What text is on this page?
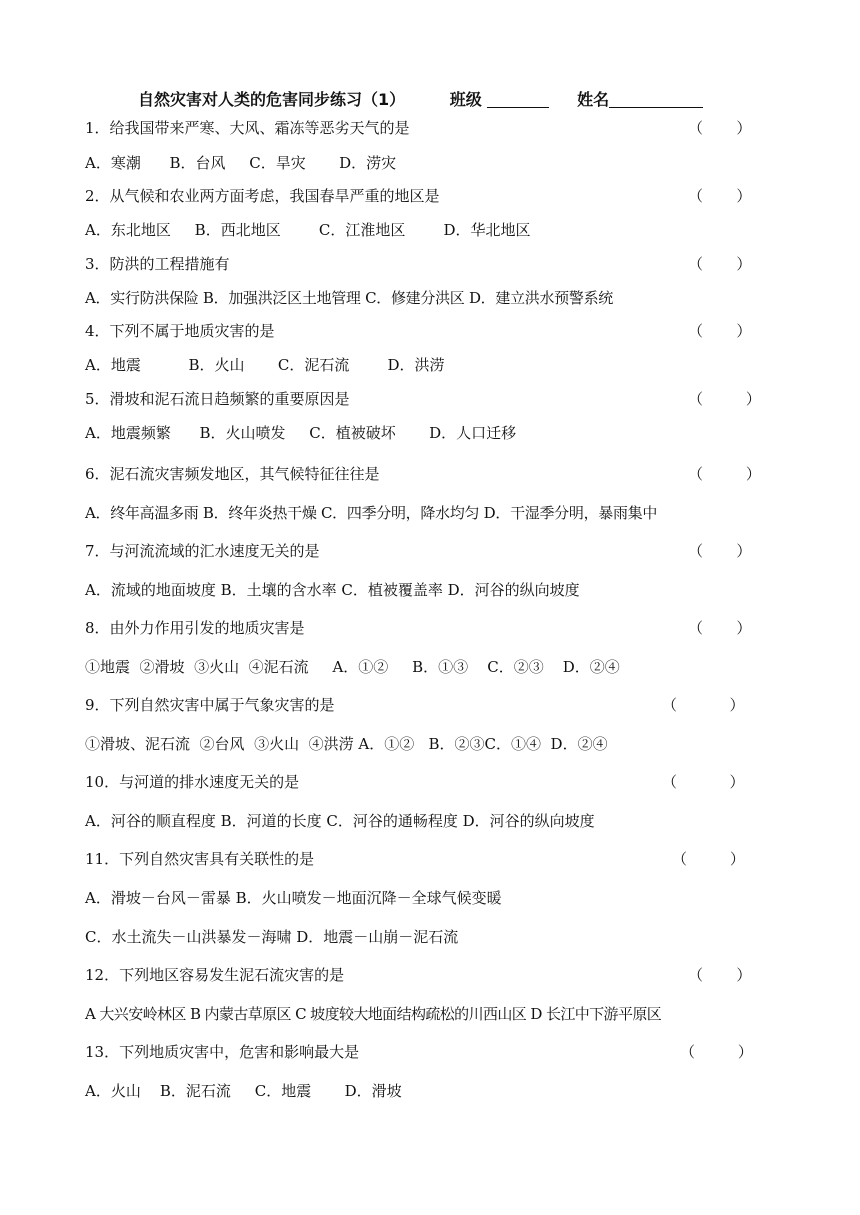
自然灾害对人类的危害同步练习（1）	班级	姓名
1．给我国带来严寒、大风、霜冻等恶劣天气的是	（       ）
A．寒潮      B．台风     C．旱灾       D．涝灾
2．从气候和农业两方面考虑，我国春旱严重的地区是	（       ）
A．东北地区     B．西北地区        C．江淮地区        D．华北地区
3．防洪的工程措施有	（       ）
A．实行防洪保险 B．加强洪泛区土地管理 C．修建分洪区 D．建立洪水预警系统
4．下列不属于地质灾害的是	（       ）
A．地震          B．火山       C．泥石流        D．洪涝
5．滑坡和泥石流日趋频繁的重要原因是	（         ）
A．地震频繁      B．火山喷发     C．植被破坏       D．人口迁移
6．泥石流灾害频发地区，其气候特征往往是	（         ）
A．终年高温多雨 B．终年炎热干燥 C．四季分明，降水均匀 D．干湿季分明，暴雨集中
7．与河流流域的汇水速度无关的是	（       ）
A．流域的地面坡度 B．土壤的含水率 C．植被覆盖率 D．河谷的纵向坡度
8．由外力作用引发的地质灾害是	（       ）
①地震  ②滑坡  ③火山  ④泥石流     A．①②     B．①③    C．②③    D．②④
9．下列自然灾害中属于气象灾害的是	（           ）
①滑坡、泥石流  ②台风  ③火山  ④洪涝 A．①②   B．②③C．①④  D．②④
10．与河道的排水速度无关的是	（           ）
A．河谷的顺直程度 B．河道的长度 C．河谷的通畅程度 D．河谷的纵向坡度
11．下列自然灾害具有关联性的是	（         ）
A．滑坡－台风－雷暴 B．火山喷发－地面沉降－全球气候变暖
C．水土流失－山洪暴发－海啸 D．地震－山崩－泥石流
12．下列地区容易发生泥石流灾害的是	（       ）
A 大兴安岭林区 B 内蒙古草原区 C 坡度较大地面结构疏松的川西山区 D 长江中下游平原区
13．下列地质灾害中，危害和影响最大是	（         ）
A．火山    B．泥石流     C．地震       D．滑坡
